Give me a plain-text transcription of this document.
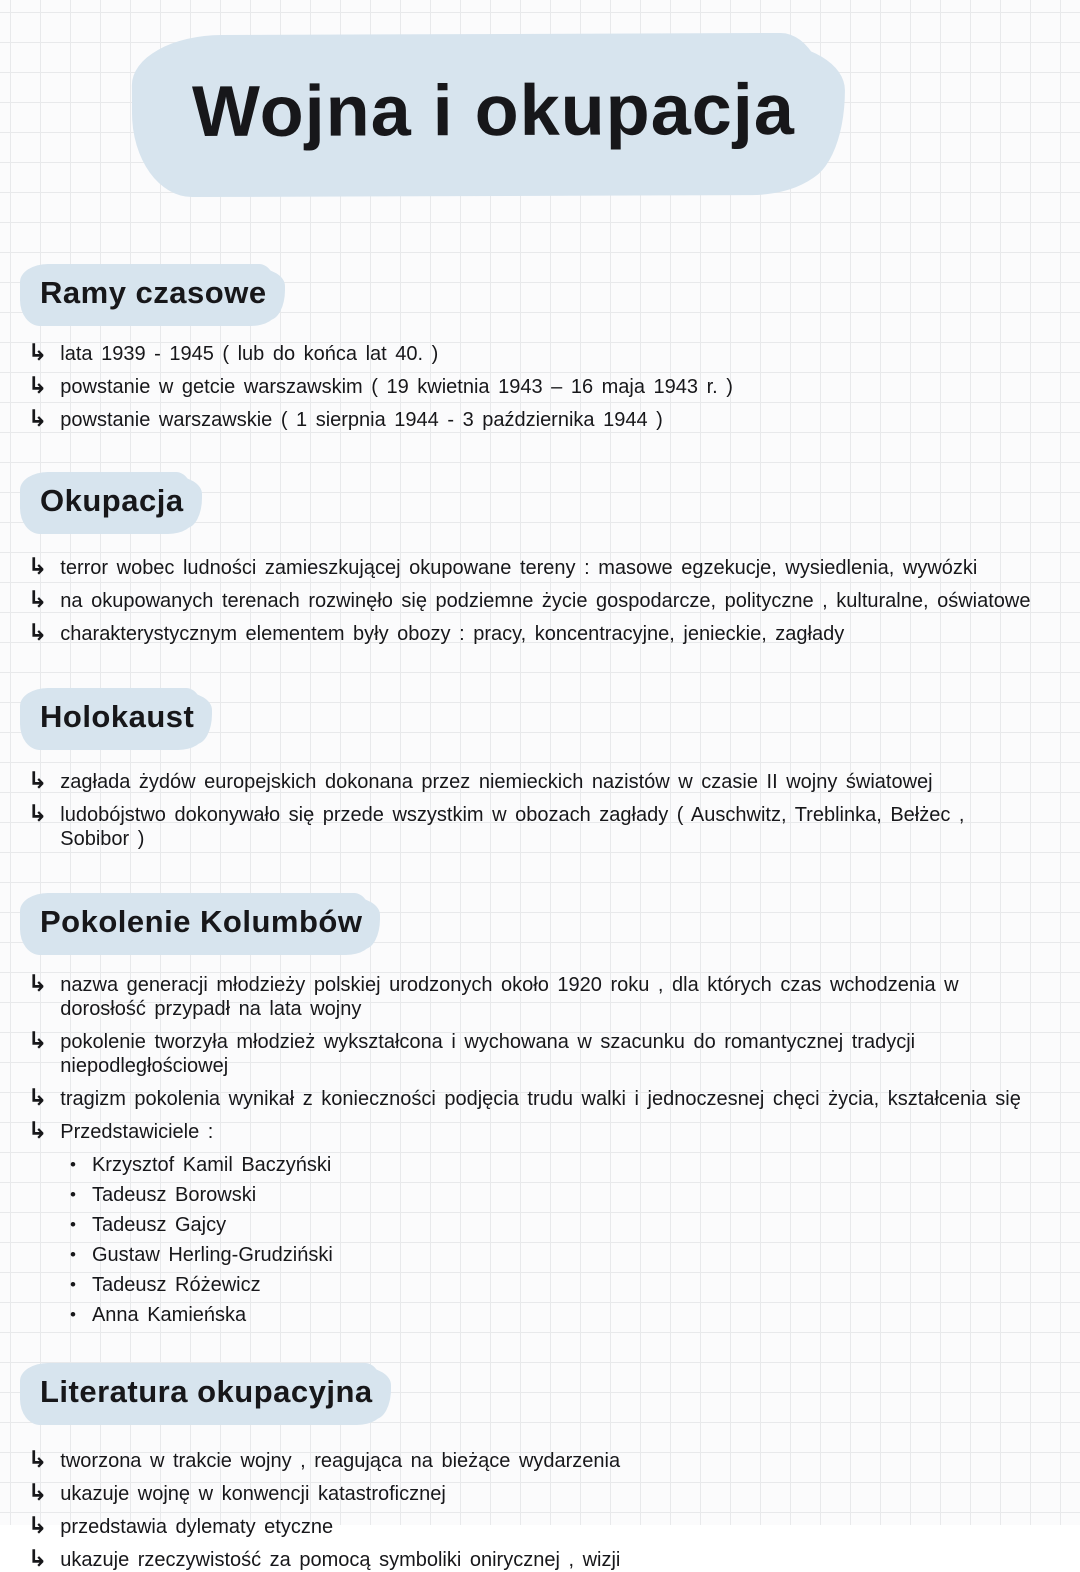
Wojna i okupacja
Ramy czasowe
↳ lata 1939 - 1945 ( lub do końca lat 40. )
↳ powstanie w getcie warszawskim ( 19 kwietnia 1943 – 16 maja 1943 r. )
↳ powstanie warszawskie ( 1 sierpnia 1944 - 3 października 1944 )
Okupacja
↳ terror wobec ludności zamieszkującej okupowane tereny : masowe egzekucje, wysiedlenia, wywózki
↳ na okupowanych terenach rozwinęło się podziemne życie gospodarcze, polityczne , kulturalne, oświatowe
↳ charakterystycznym elementem były obozy : pracy, koncentracyjne, jenieckie, zagłady
Holokaust
↳ zagłada żydów europejskich dokonana przez niemieckich nazistów w czasie II wojny światowej
↳ ludobójstwo dokonywało się przede wszystkim w obozach zagłady ( Auschwitz, Treblinka, Bełżec , Sobibor )
Pokolenie Kolumbów
↳ nazwa generacji młodzieży polskiej urodzonych około 1920 roku , dla których czas wchodzenia w dorosłość przypadł na lata wojny
↳ pokolenie tworzyła młodzież wykształcona i wychowana w szacunku do romantycznej tradycji niepodległościowej
↳ tragizm pokolenia wynikał z konieczności podjęcia trudu walki i jednoczesnej chęci życia, kształcenia się
↳ Przedstawiciele :
• Krzysztof Kamil Baczyński
• Tadeusz Borowski
• Tadeusz Gajcy
• Gustaw Herling-Grudziński
• Tadeusz Różewicz
• Anna Kamieńska
Literatura okupacyjna
↳ tworzona w trakcie wojny , reagująca na bieżące wydarzenia
↳ ukazuje wojnę w konwencji katastroficznej
↳ przedstawia dylematy etyczne
↳ ukazuje rzeczywistość za pomocą symboliki onirycznej , wizji
